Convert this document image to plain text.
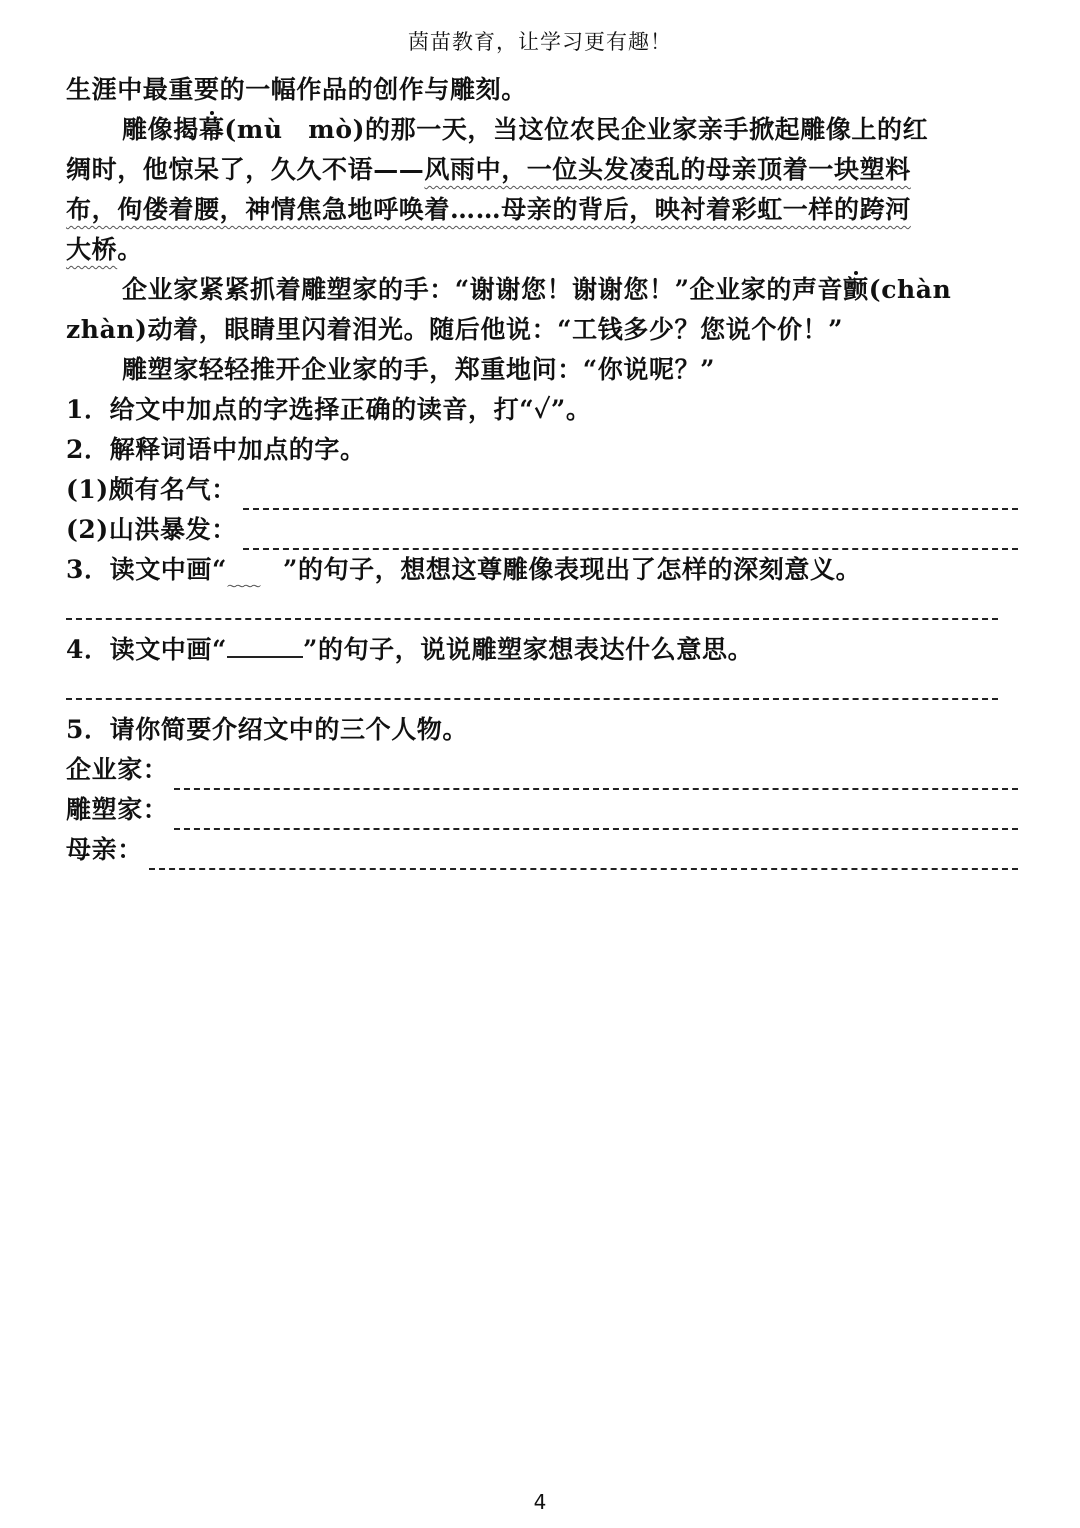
茵苗教育，让学习更有趣！
生涯中最重要的一幅作品的创作与雕刻。
雕像揭幕(mù　mò)的那一天，当这位农民企业家亲手掀起雕像上的红
绸时，他惊呆了，久久不语——风雨中，一位头发凌乱的母亲顶着一块塑料
布，佝偻着腰，神情焦急地呼唤着……母亲的背后，映衬着彩虹一样的跨河
大桥。
企业家紧紧抓着雕塑家的手：“谢谢您！谢谢您！”企业家的声音颤(chàn
zhàn)动着，眼睛里闪着泪光。随后他说：“工钱多少？您说个价！”
雕塑家轻轻推开企业家的手，郑重地问：“你说呢？”
1．给文中加点的字选择正确的读音，打“✓”。
2．解释词语中加点的字。
(1)颇有名气：
(2)山洪暴发：
3．读文中画“～～～～ ”的句子，想想这尊雕像表现出了怎样的深刻意义。
4．读文中画“	”的句子，说说雕塑家想表达什么意思。
5．请你简要介绍文中的三个人物。
企业家：
雕塑家：
母亲：
4
